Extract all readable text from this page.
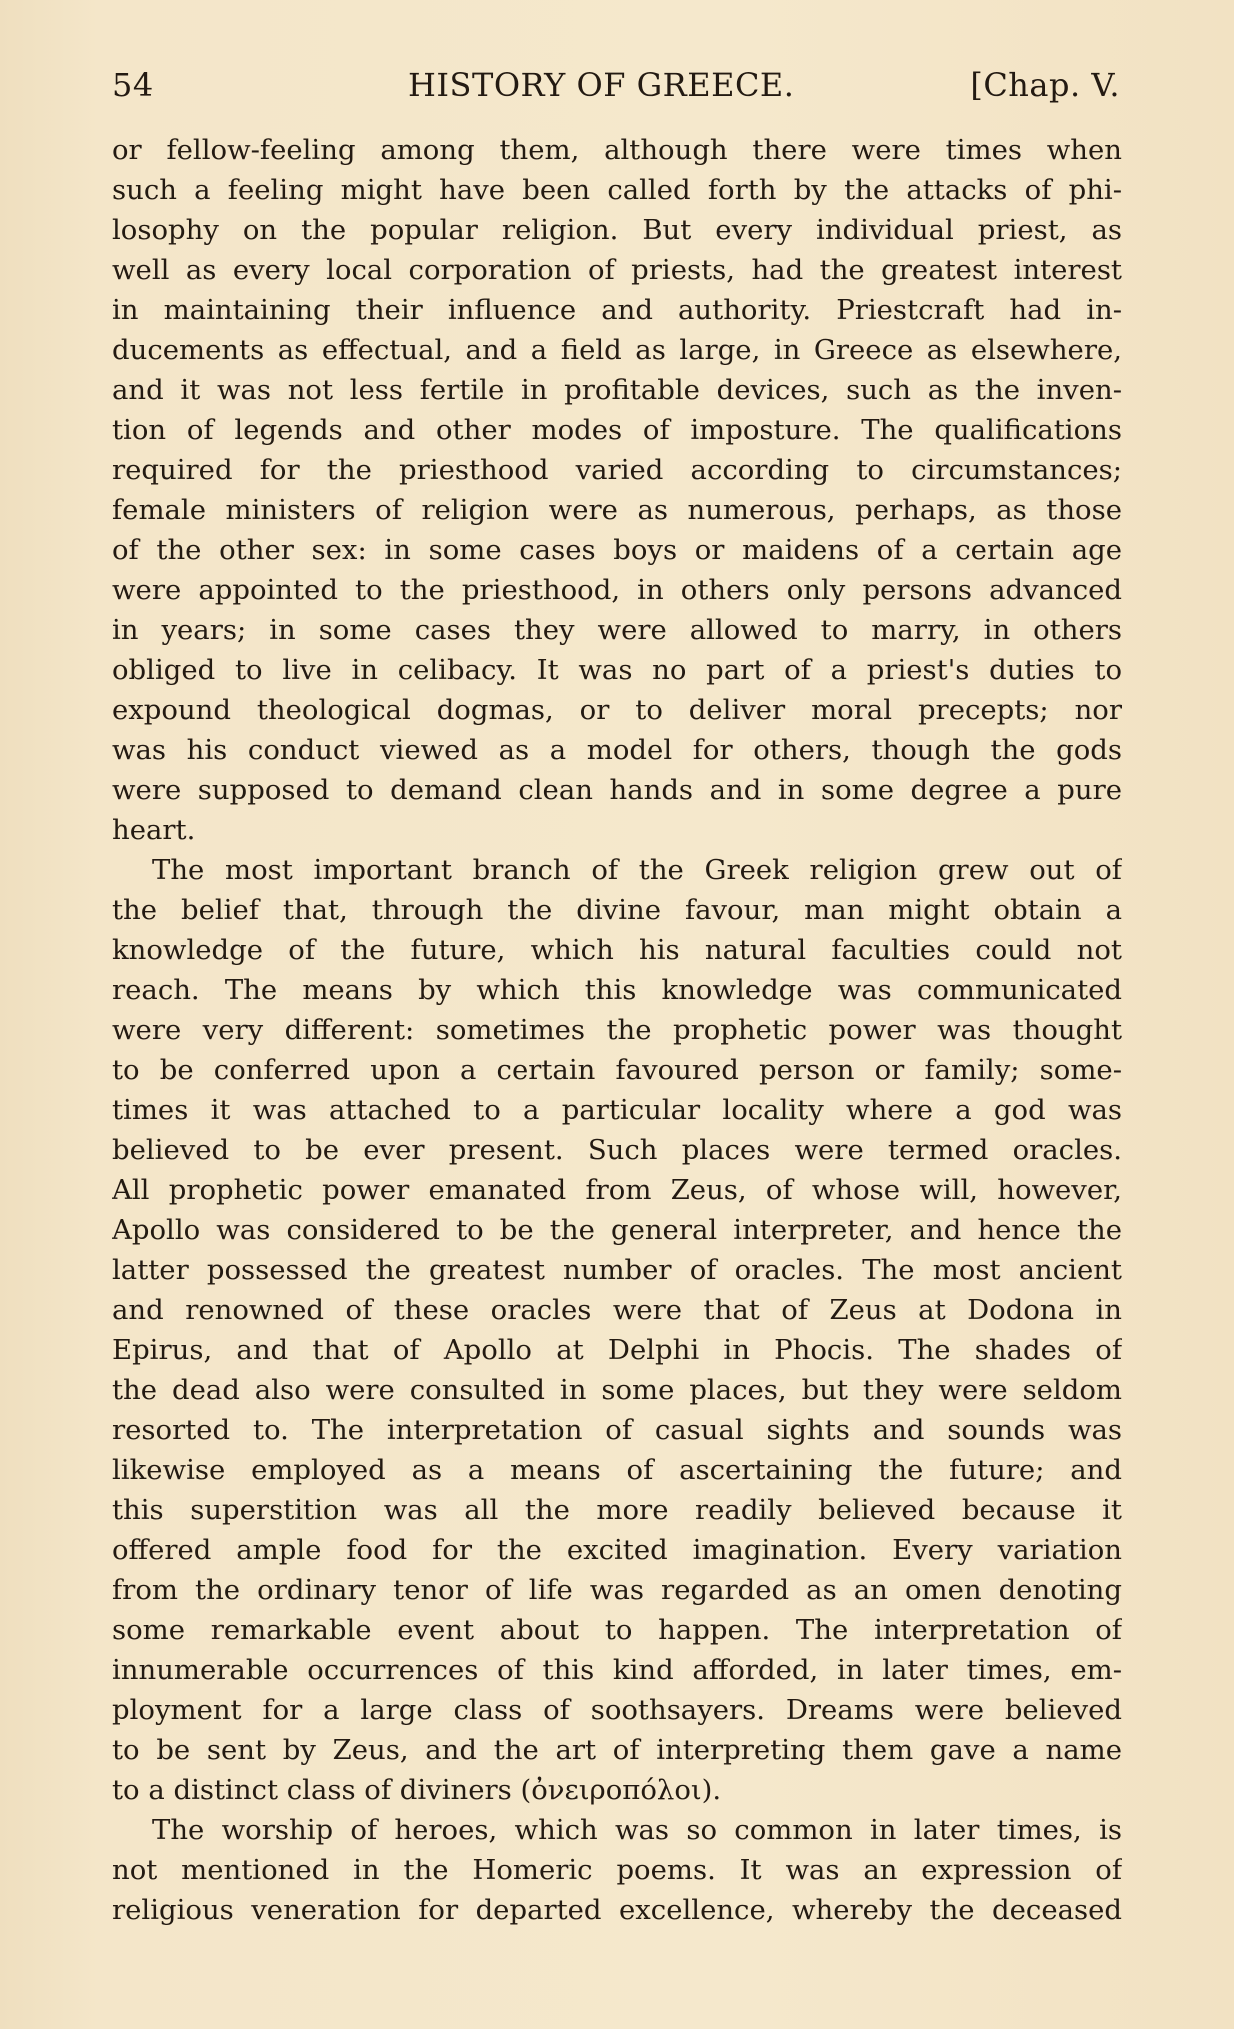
54	HISTORY OF GREECE.	[Chap. V.
or fellow-feeling among them, although there were times when
such a feeling might have been called forth by the attacks of phi-
losophy on the popular religion. But every individual priest, as
well as every local corporation of priests, had the greatest interest
in maintaining their influence and authority. Priestcraft had in-
ducements as effectual, and a field as large, in Greece as elsewhere,
and it was not less fertile in profitable devices, such as the inven-
tion of legends and other modes of imposture. The qualifications
required for the priesthood varied according to circumstances;
female ministers of religion were as numerous, perhaps, as those
of the other sex: in some cases boys or maidens of a certain age
were appointed to the priesthood, in others only persons advanced
in years; in some cases they were allowed to marry, in others
obliged to live in celibacy. It was no part of a priest's duties to
expound theological dogmas, or to deliver moral precepts; nor
was his conduct viewed as a model for others, though the gods
were supposed to demand clean hands and in some degree a pure
heart.
The most important branch of the Greek religion grew out of
the belief that, through the divine favour, man might obtain a
knowledge of the future, which his natural faculties could not
reach. The means by which this knowledge was communicated
were very different: sometimes the prophetic power was thought
to be conferred upon a certain favoured person or family; some-
times it was attached to a particular locality where a god was
believed to be ever present. Such places were termed oracles.
All prophetic power emanated from Zeus, of whose will, however,
Apollo was considered to be the general interpreter, and hence the
latter possessed the greatest number of oracles. The most ancient
and renowned of these oracles were that of Zeus at Dodona in
Epirus, and that of Apollo at Delphi in Phocis. The shades of
the dead also were consulted in some places, but they were seldom
resorted to. The interpretation of casual sights and sounds was
likewise employed as a means of ascertaining the future; and
this superstition was all the more readily believed because it
offered ample food for the excited imagination. Every variation
from the ordinary tenor of life was regarded as an omen denoting
some remarkable event about to happen. The interpretation of
innumerable occurrences of this kind afforded, in later times, em-
ployment for a large class of soothsayers. Dreams were believed
to be sent by Zeus, and the art of interpreting them gave a name
to a distinct class of diviners (ὀνειροπόλοι).
The worship of heroes, which was so common in later times, is
not mentioned in the Homeric poems. It was an expression of
religious veneration for departed excellence, whereby the deceased
